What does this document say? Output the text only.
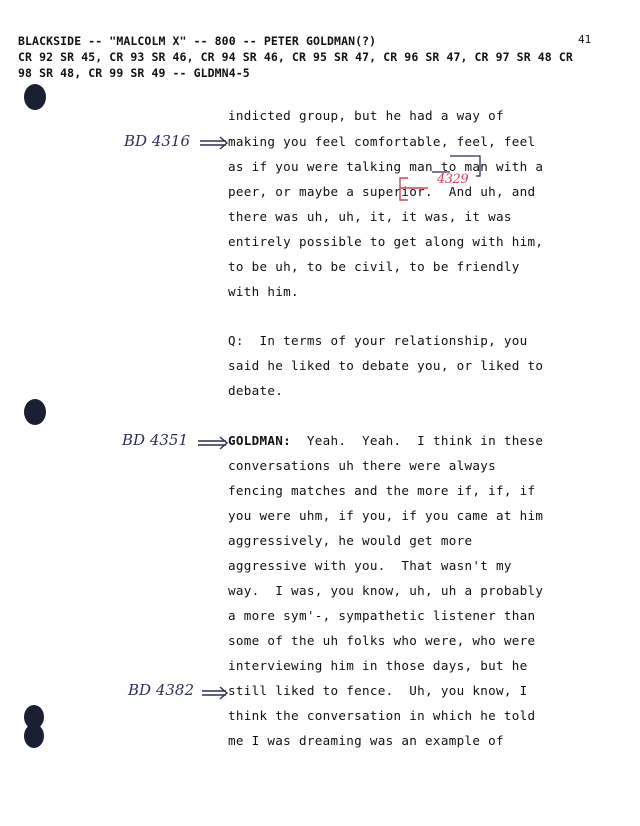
BLACKSIDE -- "MALCOLM X" -- 800 -- PETER GOLDMAN(?)
CR 92 SR 45, CR 93 SR 46, CR 94 SR 46, CR 95 SR 47, CR 96 SR 47, CR 97 SR 48 CR
98 SR 48, CR 99 SR 49 -- GLDMN4-5
41
indicted group, but he had a way of
making you feel comfortable, feel, feel
as if you were talking man to man with a
peer, or maybe a superior.  And uh, and
there was uh, uh, it, it was, it was
entirely possible to get along with him,
to be uh, to be civil, to be friendly
with him.
Q:  In terms of your relationship, you
said he liked to debate you, or liked to
debate.
GOLDMAN:  Yeah.  Yeah.  I think in these
conversations uh there were always
fencing matches and the more if, if, if
you were uhm, if you, if you came at him
aggressively, he would get more
aggressive with you.  That wasn't my
way.  I was, you know, uh, uh a probably
a more sym'-, sympathetic listener than
some of the uh folks who were, who were
interviewing him in those days, but he
still liked to fence.  Uh, you know, I
think the conversation in which he told
me I was dreaming was an example of
BD 4316
BD 4351
BD 4382
4329
